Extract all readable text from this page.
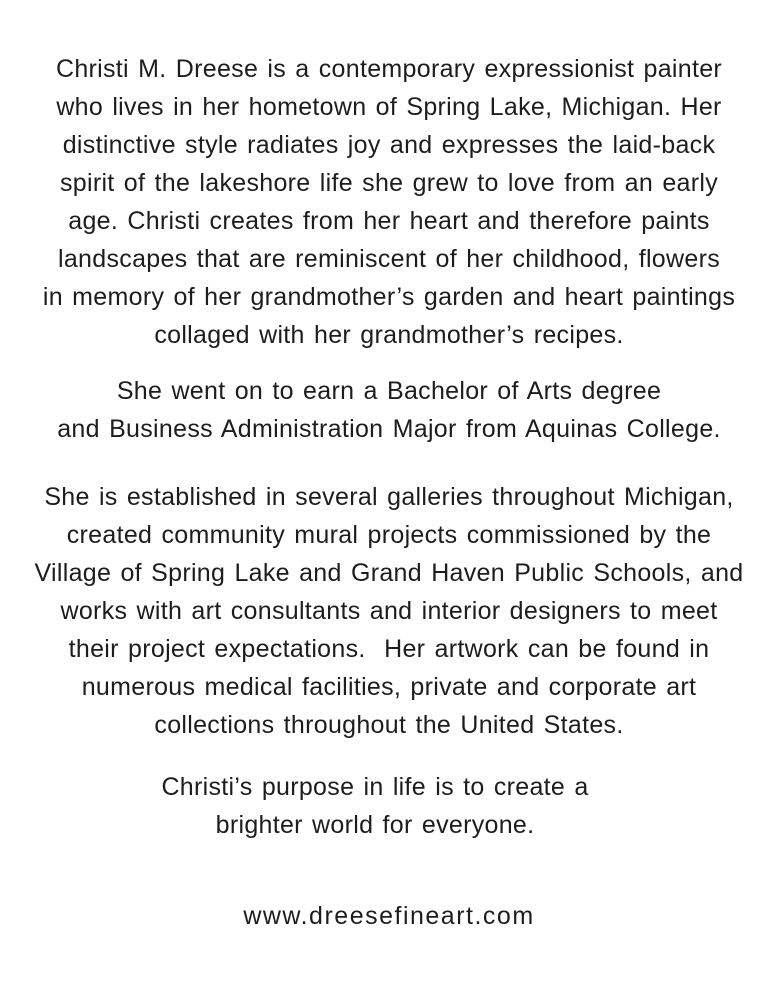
Christi M. Dreese is a contemporary expressionist painter
who lives in her hometown of Spring Lake, Michigan. Her
distinctive style radiates joy and expresses the laid-back
spirit of the lakeshore life she grew to love from an early
age. Christi creates from her heart and therefore paints
landscapes that are reminiscent of her childhood, flowers
in memory of her grandmother’s garden and heart paintings
collaged with her grandmother’s recipes.
She went on to earn a Bachelor of Arts degree
and Business Administration Major from Aquinas College.
She is established in several galleries throughout Michigan,
created community mural projects commissioned by the
Village of Spring Lake and Grand Haven Public Schools, and
works with art consultants and interior designers to meet
their project expectations.  Her artwork can be found in
numerous medical facilities, private and corporate art
collections throughout the United States.
Christi’s purpose in life is to create a
brighter world for everyone.
www.dreesefineart.com
